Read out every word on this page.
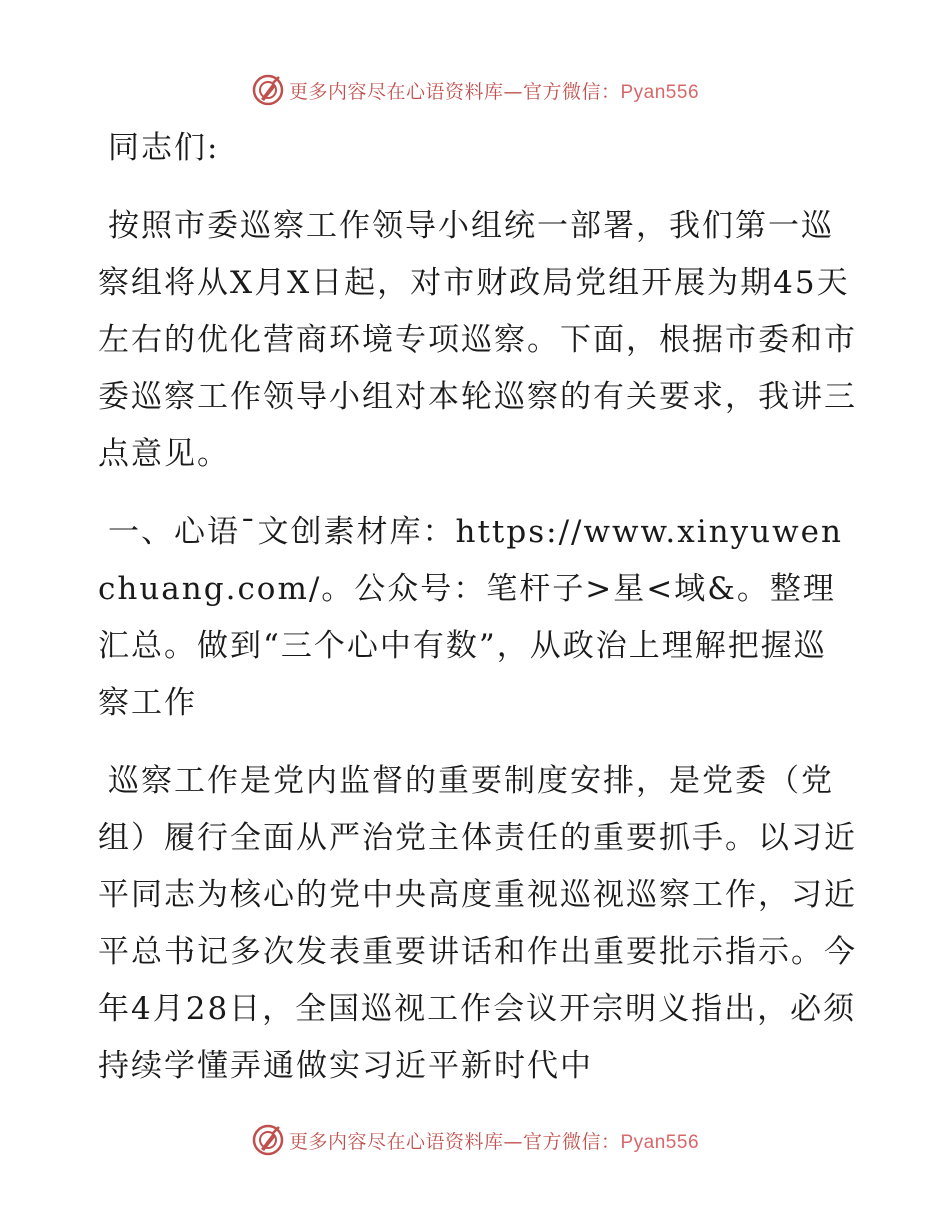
更多内容尽在心语资料库—官方微信：Pyan556

同志们:

按照市委巡察工作领导小组统一部署，我们第一巡察组将从X月X日起，对市财政局党组开展为期45天左右的优化营商环境专项巡察。下面，根据市委和市委巡察工作领导小组对本轮巡察的有关要求，我讲三点意见。

一、心语¯文创素材库：https://www.xinyuwenchuang.com/。公众号：笔杆子>星<域&。整理汇总。做到“三个心中有数”，从政治上理解把握巡察工作

巡察工作是党内监督的重要制度安排，是党委（党组）履行全面从严治党主体责任的重要抓手。以习近平同志为核心的党中央高度重视巡视巡察工作，习近平总书记多次发表重要讲话和作出重要批示指示。今年4月28日，全国巡视工作会议开宗明义指出，必须持续学懂弄通做实习近平新时代中

更多内容尽在心语资料库—官方微信：Pyan556
